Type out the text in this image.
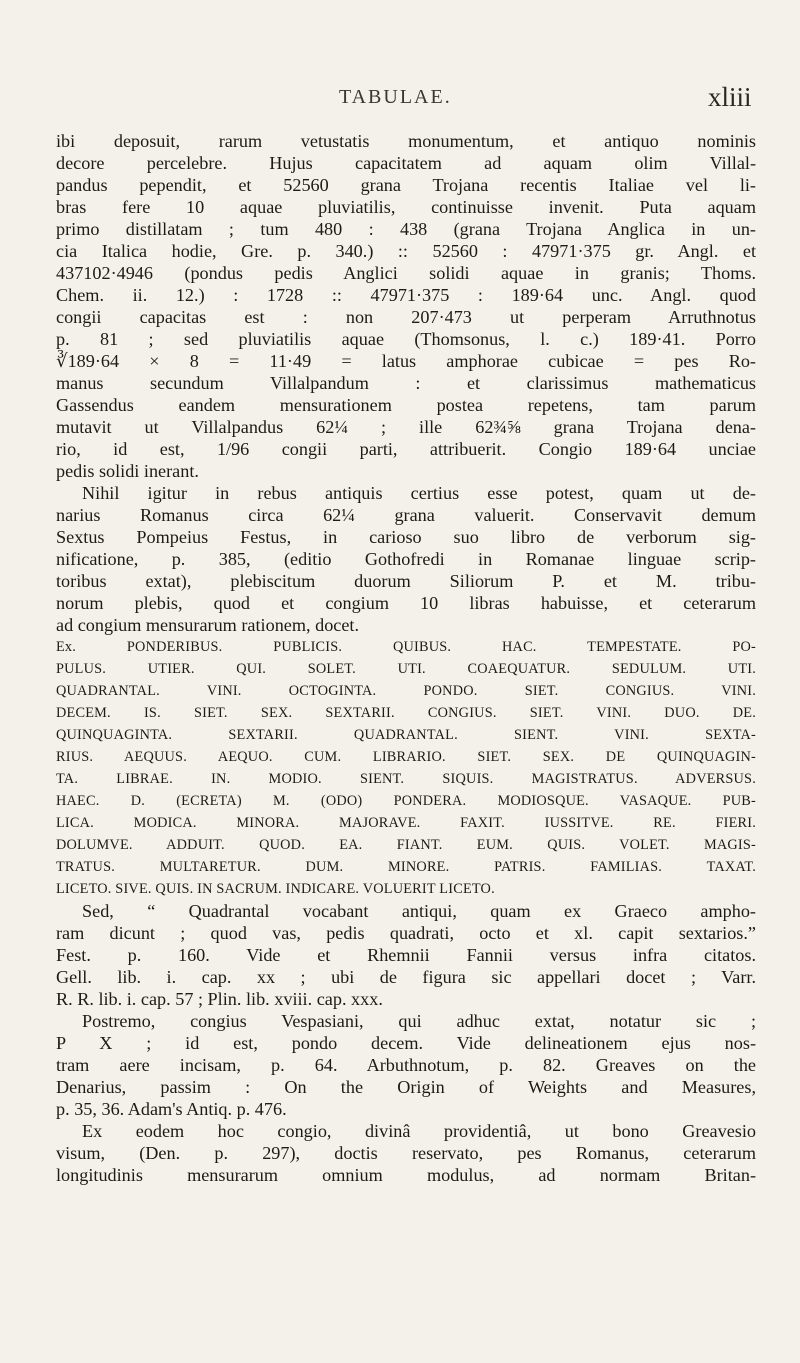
TABULAE.	xliii
ibi deposuit, rarum vetustatis monumentum, et antiquo nominis
decore percelebre. Hujus capacitatem ad aquam olim Villal-
pandus pependit, et 52560 grana Trojana recentis Italiae vel li-
bras fere 10 aquae pluviatilis, continuisse invenit. Puta aquam
primo distillatam ; tum 480 : 438 (grana Trojana Anglica in un-
cia Italica hodie, Gre. p. 340.) :: 52560 : 47971·375 gr. Angl. et
437102·4946 (pondus pedis Anglici solidi aquae in granis; Thoms.
Chem. ii. 12.) : 1728 :: 47971·375 : 189·64 unc. Angl. quod
congii capacitas est : non 207·473 ut perperam Arruthnotus
p. 81 ; sed pluviatilis aquae (Thomsonus, l. c.) 189·41. Porro
∛189·64 × 8 = 11·49 = latus amphorae cubicae = pes Ro-
manus secundum Villalpandum : et clarissimus mathematicus
Gassendus eandem mensurationem postea repetens, tam parum
mutavit ut Villalpandus 62¼ ; ille 62¾⅝ grana Trojana dena-
rio, id est, 1/96 congii parti, attribuerit. Congio 189·64 unciae
pedis solidi inerant.
Nihil igitur in rebus antiquis certius esse potest, quam ut de-
narius Romanus circa 62¼ grana valuerit. Conservavit demum
Sextus Pompeius Festus, in carioso suo libro de verborum sig-
nificatione, p. 385, (editio Gothofredi in Romanae linguae scrip-
toribus extat), plebiscitum duorum Siliorum P. et M. tribu-
norum plebis, quod et congium 10 libras habuisse, et ceterarum
ad congium mensurarum rationem, docet.
Ex. PONDERIBUS. PUBLICIS. QUIBUS. HAC. TEMPESTATE. PO-
PULUS. UTIER. QUI. SOLET. UTI. COAEQUATUR. SEDULUM. UTI.
QUADRANTAL. VINI. OCTOGINTA. PONDO. SIET. CONGIUS. VINI.
DECEM. IS. SIET. SEX. SEXTARII. CONGIUS. SIET. VINI. DUO. DE.
QUINQUAGINTA. SEXTARII. QUADRANTAL. SIENT. VINI. SEXTA-
RIUS. AEQUUS. AEQUO. CUM. LIBRARIO. SIET. SEX. DE QUINQUAGIN-
TA. LIBRAE. IN. MODIO. SIENT. SIQUIS. MAGISTRATUS. ADVERSUS.
HAEC. D. (ECRETA) M. (ODO) PONDERA. MODIOSQUE. VASAQUE. PUB-
LICA. MODICA. MINORA. MAJORAVE. FAXIT. IUSSITVE. RE. FIERI.
DOLUMVE. ADDUIT. QUOD. EA. FIANT. EUM. QUIS. VOLET. MAGIS-
TRATUS. MULTARETUR. DUM. MINORE. PATRIS. FAMILIAS. TAXAT.
LICETO. SIVE. QUIS. IN SACRUM. INDICARE. VOLUERIT LICETO.
Sed, “ Quadrantal vocabant antiqui, quam ex Graeco ampho-
ram dicunt ; quod vas, pedis quadrati, octo et xl. capit sextarios.”
Fest. p. 160. Vide et Rhemnii Fannii versus infra citatos.
Gell. lib. i. cap. xx ; ubi de figura sic appellari docet ; Varr.
R. R. lib. i. cap. 57 ; Plin. lib. xviii. cap. xxx.
Postremo, congius Vespasiani, qui adhuc extat, notatur sic ;
P X ; id est, pondo decem. Vide delineationem ejus nos-
tram aere incisam, p. 64. Arbuthnotum, p. 82. Greaves on the
Denarius, passim : On the Origin of Weights and Measures,
p. 35, 36. Adam's Antiq. p. 476.
Ex eodem hoc congio, divinâ providentiâ, ut bono Greavesio
visum, (Den. p. 297), doctis reservato, pes Romanus, ceterarum
longitudinis mensurarum omnium modulus, ad normam Britan-
